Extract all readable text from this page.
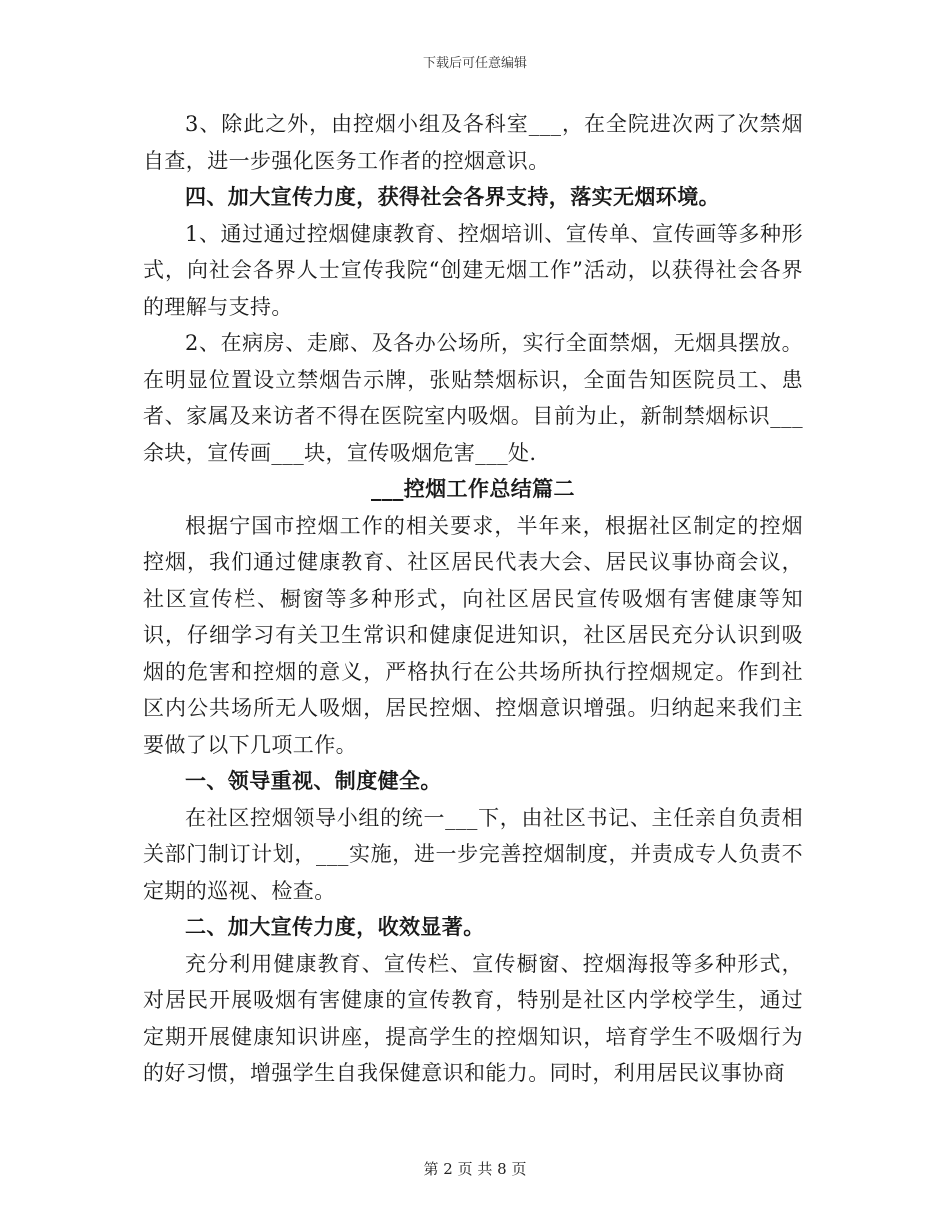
下载后可任意编辑

3、除此之外，由控烟小组及各科室___，在全院进次两了次禁烟自查，进一步强化医务工作者的控烟意识。

四、加大宣传力度，获得社会各界支持，落实无烟环境。

1、通过通过控烟健康教育、控烟培训、宣传单、宣传画等多种形式，向社会各界人士宣传我院“创建无烟工作”活动，以获得社会各界的理解与支持。

2、在病房、走廊、及各办公场所，实行全面禁烟，无烟具摆放。在明显位置设立禁烟告示牌，张贴禁烟标识，全面告知医院员工、患者、家属及来访者不得在医院室内吸烟。目前为止，新制禁烟标识___余块，宣传画___块，宣传吸烟危害___处.

___控烟工作总结篇二

根据宁国市控烟工作的相关要求，半年来，根据社区制定的控烟控烟，我们通过健康教育、社区居民代表大会、居民议事协商会议，社区宣传栏、橱窗等多种形式，向社区居民宣传吸烟有害健康等知识，仔细学习有关卫生常识和健康促进知识，社区居民充分认识到吸烟的危害和控烟的意义，严格执行在公共场所执行控烟规定。作到社区内公共场所无人吸烟，居民控烟、控烟意识增强。归纳起来我们主要做了以下几项工作。

一、领导重视、制度健全。

在社区控烟领导小组的统一___下，由社区书记、主任亲自负责相关部门制订计划，___实施，进一步完善控烟制度，并责成专人负责不定期的巡视、检查。

二、加大宣传力度，收效显著。

充分利用健康教育、宣传栏、宣传橱窗、控烟海报等多种形式，对居民开展吸烟有害健康的宣传教育，特别是社区内学校学生，通过定期开展健康知识讲座，提高学生的控烟知识，培育学生不吸烟行为的好习惯，增强学生自我保健意识和能力。同时，利用居民议事协商

第 2 页 共 8 页
